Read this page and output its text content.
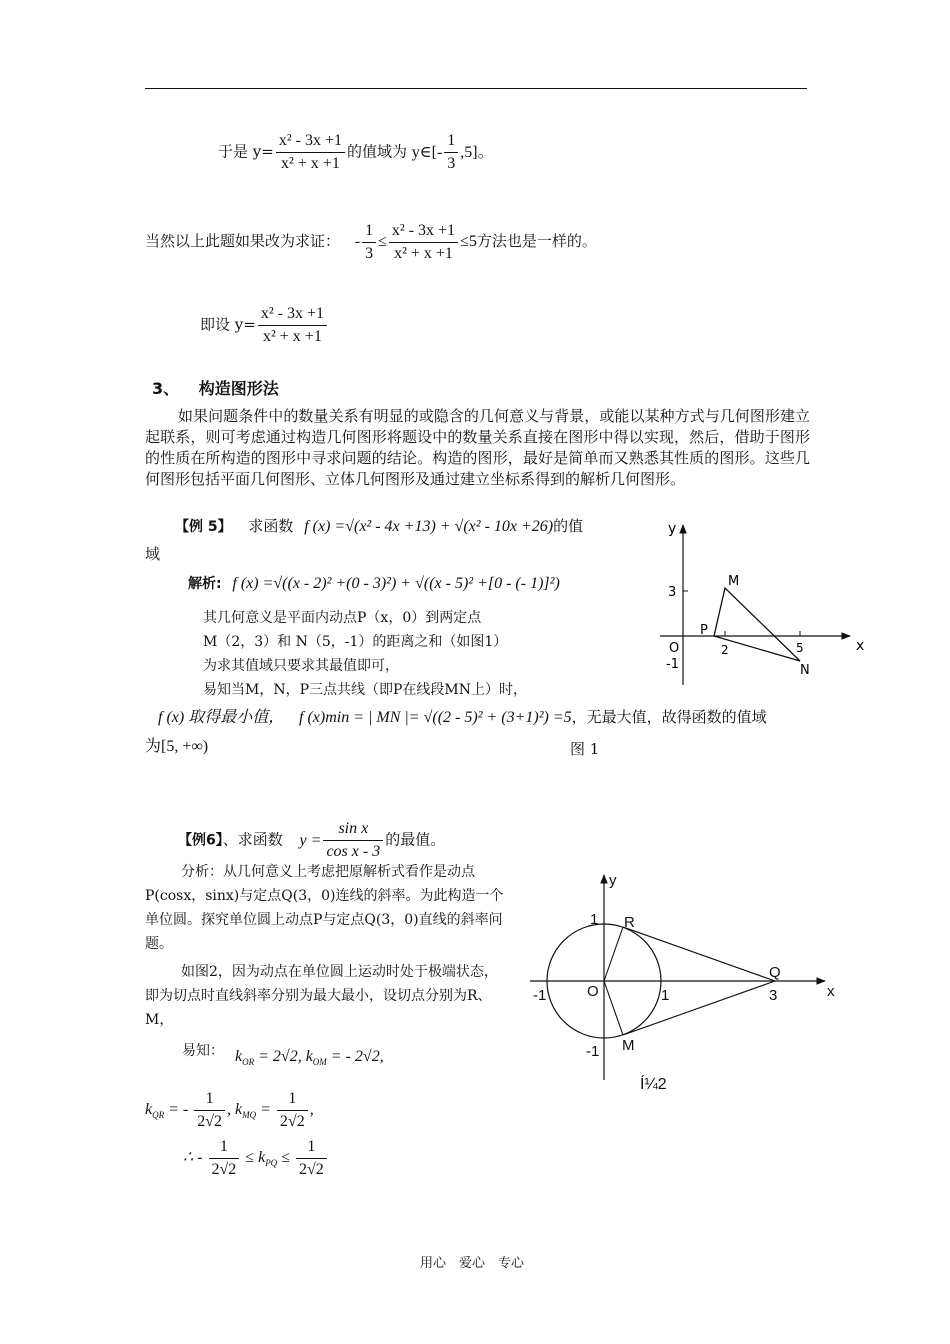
于是 $y= \frac{\text{x² - 3x +1}}{\text{x² + x +1}}$ 的值域为 y∈[- $\frac{1}{3} ,5$]。
当然以上此题如果改为求证： - $\frac{1}{3} \le \frac{\text{x² - 3x +1}}{\text{x² + x +1}} \le 5$方法也是一样的。
即设 $y= \frac{\text{x² - 3x +1}}{\text{x² + x +1}}$
3、 构造图形法
如果问题条件中的数量关系有明显的或隐含的几何意义与背景，或能以某种方式与几何图形建立起联系，则可考虑通过构造几何图形将题设中的数量关系直接在图形中得以实现，然后，借助于图形的性质在所构造的图形中寻求问题的结论。构造的图形，最好是简单而又熟悉其性质的图形。这些几何图形包括平面几何图形、立体几何图形及通过建立坐标系得到的解析几何图形。
【例 5】 求函数 f (x) =√(x² - 4x +13) + √(x² - 10x +26)的值
域
解析: f (x) =√((x - 2)² +(0 - 3)²) + √((x - 5)² +[0 - (- 1)]²)
其几何意义是平面内动点P（x，0）到两定点
M（2，3）和 N（5，-1）的距离之和（如图1）
为求其值域只要求其最值即可，
易知当M，N，P三点共线（即P在线段MN上）时，
f (x) 取得最小值， f (x)min = | MN |= √((2 - 5)² + (3+1)²) =5，无最大值，故得函数的值域
为[5, +∞)	图 1
y
x
M
P
N
O
3
2	5
-1
【例6】、求函数 $y = \frac{\text{sin x}}{\text{cos x - 3}}$ 的最值。
分析：从几何意义上考虑把原解析式看作是动点P(cosx，sinx)与定点Q(3，0)连线的斜率。为此构造一个单位圆。探究单位圆上动点P与定点Q(3，0)直线的斜率问题。
如图2，因为动点在单位圆上运动时处于极端状态，即为切点时直线斜率分别为最大最小，设切点分别为R、M，
易知： $k_{OR} = 2√2$, $k_{OM}$ = - 2√2,
$k_{QR}$ = - $\frac{1}{2√2}$ , $k_{MQ} = \frac{1}{2√2}$ ,
∴ - $\frac{1}{2√2} \le k_{PQ} \le \frac{1}{2√2}$
y
x
1 R
Q
-1	O	1	3
-1 M
Í¼2
用心　爱心　专心
